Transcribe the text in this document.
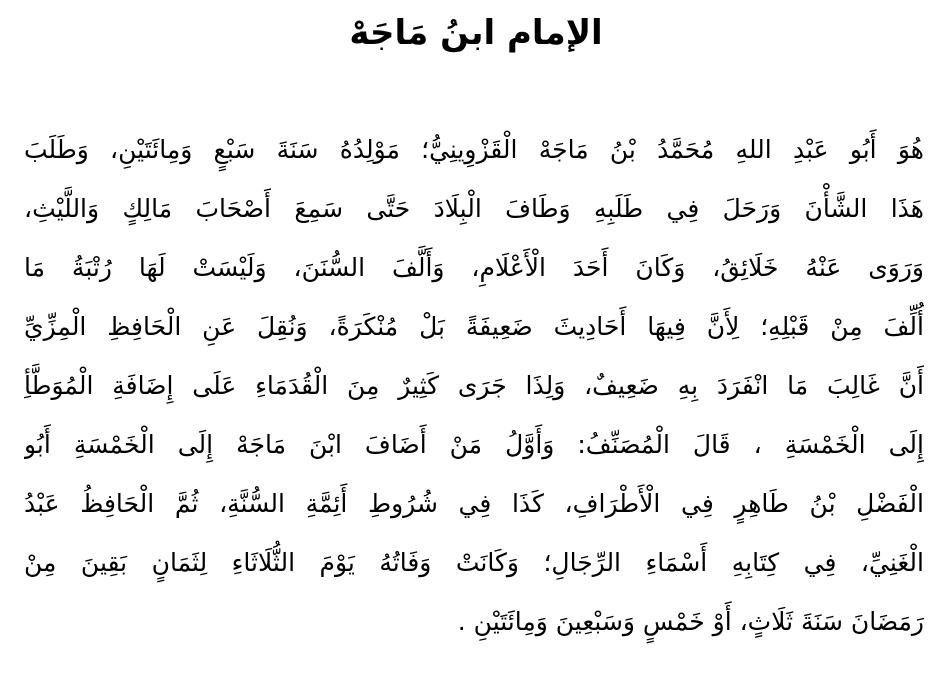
الإمام ابنُ مَاجَهْ
هُوَ أَبُو عَبْدِ اللهِ مُحَمَّدُ بْنُ مَاجَهْ الْقَزْوِينِيُّ؛ مَوْلِدُهُ سَنَةَ سَبْعٍ وَمِائَتَيْنِ، وَطَلَبَ
هَذَا الشَّأْنَ وَرَحَلَ فِي طَلَبِهِ وَطَافَ الْبِلَادَ حَتَّى سَمِعَ أَصْحَابَ مَالِكٍ وَاللَّيْثِ،
وَرَوَى عَنْهُ خَلَائِقُ، وَكَانَ أَحَدَ الْأَعْلَامِ، وَأَلَّفَ السُّنَنَ، وَلَيْسَتْ لَهَا رُتْبَةُ مَا
أُلِّفَ مِنْ قَبْلِهِ؛ لِأَنَّ فِيهَا أَحَادِيثَ ضَعِيفَةً بَلْ مُنْكَرَةً، وَنُقِلَ عَنِ الْحَافِظِ الْمِزِّيِّ
أَنَّ غَالِبَ مَا انْفَرَدَ بِهِ ضَعِيفٌ، وَلِذَا جَرَى كَثِيرٌ مِنَ الْقُدَمَاءِ عَلَى إِضَافَةِ الْمُوَطَّأِ
إِلَى الْخَمْسَةِ ، قَالَ الْمُصَنِّفُ: وَأَوَّلُ مَنْ أَضَافَ ابْنَ مَاجَهْ إِلَى الْخَمْسَةِ أَبُو
الْفَضْلِ بْنُ طَاهِرٍ فِي الْأَطْرَافِ، كَذَا فِي شُرُوطِ أَئِمَّةِ السُّنَّةِ، ثُمَّ الْحَافِظُ عَبْدُ
الْغَنِيِّ، فِي كِتَابِهِ أَسْمَاءِ الرِّجَالِ؛ وَكَانَتْ وَفَاتُهُ يَوْمَ الثُّلَاثَاءِ لِثَمَانٍ بَقِينَ مِنْ
رَمَضَانَ سَنَةَ ثَلَاثٍ، أَوْ خَمْسٍ وَسَبْعِينَ وَمِائَتَيْنِ .
